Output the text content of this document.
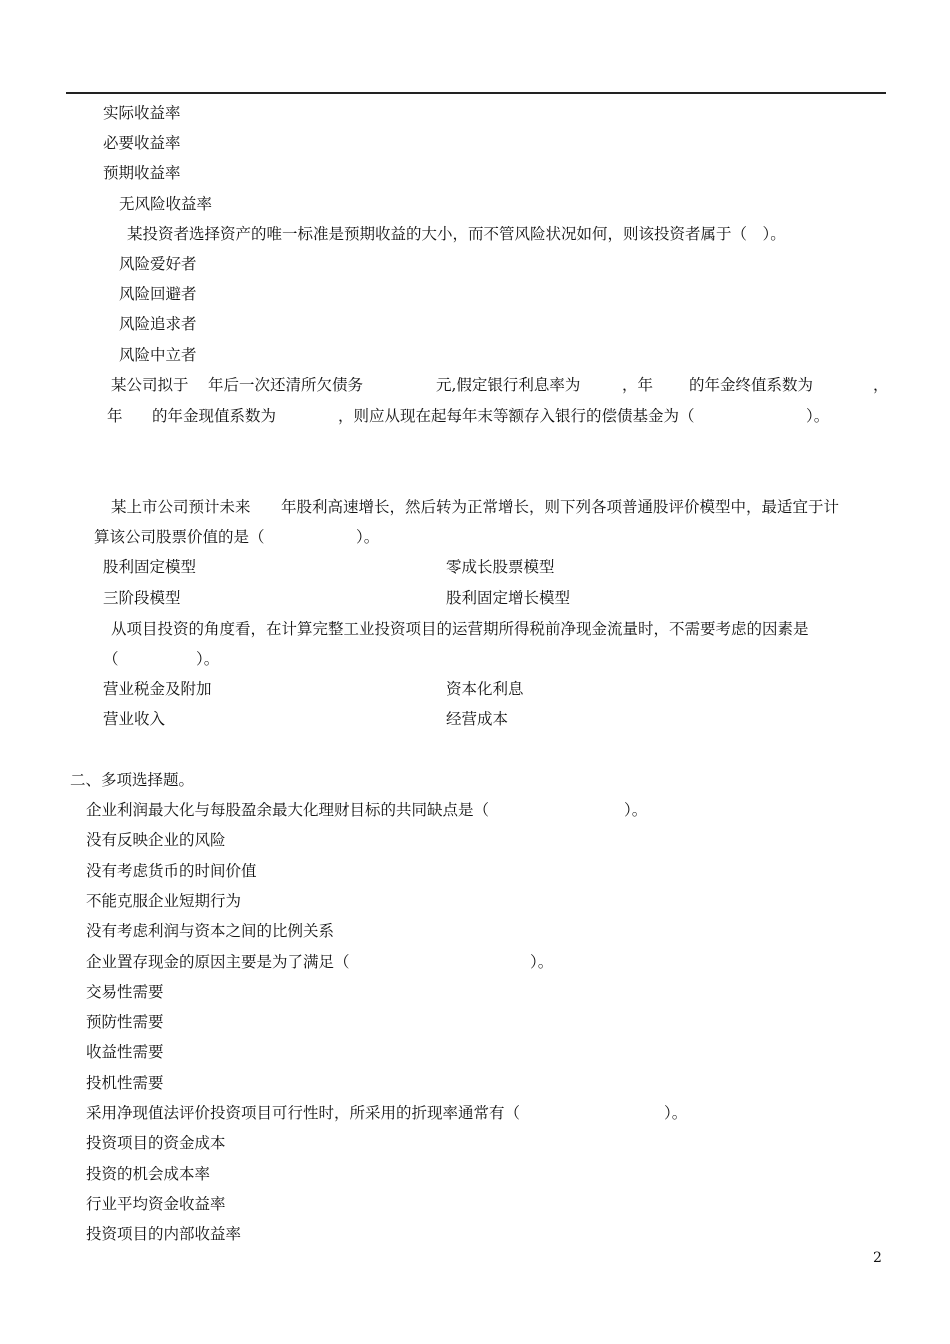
实际收益率
必要收益率
预期收益率
无风险收益率
某投资者选择资产的唯一标准是预期收益的大小，而不管风险状况如何，则该投资者属于（　）。
风险爱好者
风险回避者
风险追求者
风险中立者
某公司拟于 年后一次还清所欠债务	元,假定银行利息率为	，年 的年金终值系数为	，
年 的年金现值系数为	，则应从现在起每年末等额存入银行的偿债基金为（	）。
某上市公司预计未来 年股利高速增长，然后转为正常增长，则下列各项普通股评价模型中，最适宜于计
算该公司股票价值的是（	）。
股利固定模型	零成长股票模型
三阶段模型	股利固定增长模型
从项目投资的角度看，在计算完整工业投资项目的运营期所得税前净现金流量时，不需要考虑的因素是
（	）。
营业税金及附加	资本化利息
营业收入	经营成本
二、多项选择题。
企业利润最大化与每股盈余最大化理财目标的共同缺点是（	）。
没有反映企业的风险
没有考虑货币的时间价值
不能克服企业短期行为
没有考虑利润与资本之间的比例关系
企业置存现金的原因主要是为了满足（	）。
交易性需要
预防性需要
收益性需要
投机性需要
采用净现值法评价投资项目可行性时，所采用的折现率通常有（	）。
投资项目的资金成本
投资的机会成本率
行业平均资金收益率
投资项目的内部收益率
2
